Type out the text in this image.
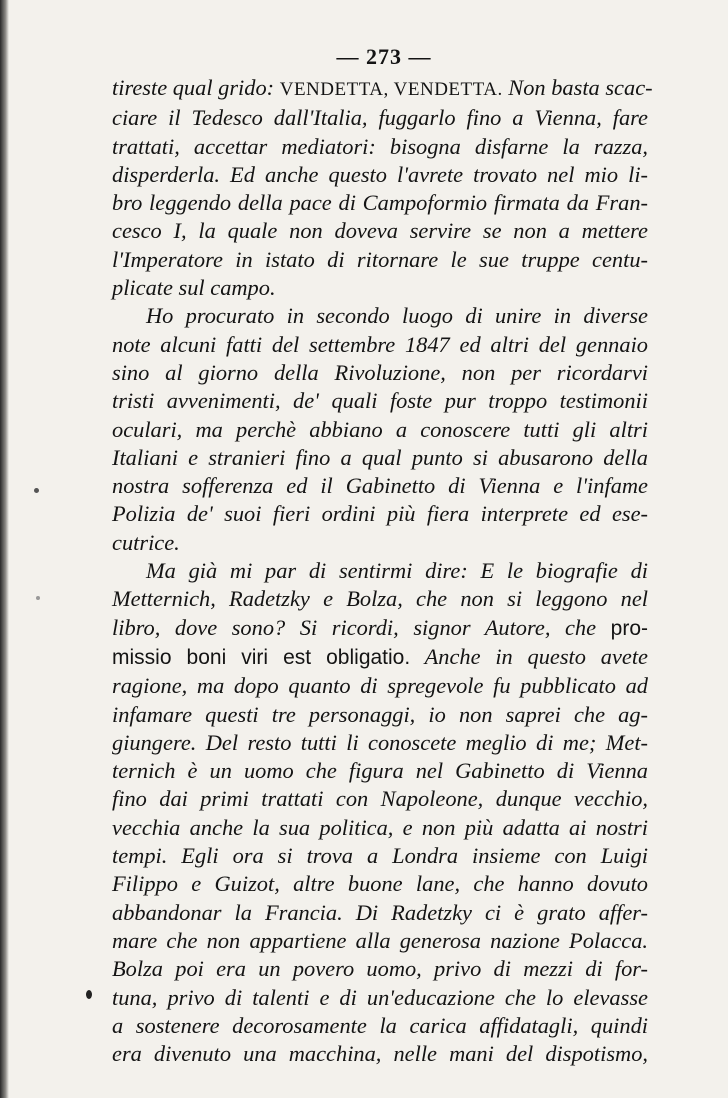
— 273 —
tireste qual grido: VENDETTA, VENDETTA. Non basta scac-
ciare il Tedesco dall'Italia, fuggarlo fino a Vienna, fare
trattati, accettar mediatori: bisogna disfarne la razza,
disperderla. Ed anche questo l'avrete trovato nel mio li-
bro leggendo della pace di Campoformio firmata da Fran-
cesco I, la quale non doveva servire se non a mettere
l'Imperatore in istato di ritornare le sue truppe centu-
plicate sul campo.
Ho procurato in secondo luogo di unire in diverse
note alcuni fatti del settembre 1847 ed altri del gennaio
sino al giorno della Rivoluzione, non per ricordarvi
tristi avvenimenti, de' quali foste pur troppo testimonii
oculari, ma perchè abbiano a conoscere tutti gli altri
Italiani e stranieri fino a qual punto si abusarono della
nostra sofferenza ed il Gabinetto di Vienna e l'infame
Polizia de' suoi fieri ordini più fiera interprete ed ese-
cutrice.
Ma già mi par di sentirmi dire: E le biografie di
Metternich, Radetzky e Bolza, che non si leggono nel
libro, dove sono? Si ricordi, signor Autore, che pro-
missio boni viri est obligatio. Anche in questo avete
ragione, ma dopo quanto di spregevole fu pubblicato ad
infamare questi tre personaggi, io non saprei che ag-
giungere. Del resto tutti li conoscete meglio di me; Met-
ternich è un uomo che figura nel Gabinetto di Vienna
fino dai primi trattati con Napoleone, dunque vecchio,
vecchia anche la sua politica, e non più adatta ai nostri
tempi. Egli ora si trova a Londra insieme con Luigi
Filippo e Guizot, altre buone lane, che hanno dovuto
abbandonar la Francia. Di Radetzky ci è grato affer-
mare che non appartiene alla generosa nazione Polacca.
Bolza poi era un povero uomo, privo di mezzi di for-
tuna, privo di talenti e di un'educazione che lo elevasse
a sostenere decorosamente la carica affidatagli, quindi
era divenuto una macchina, nelle mani del dispotismo,
